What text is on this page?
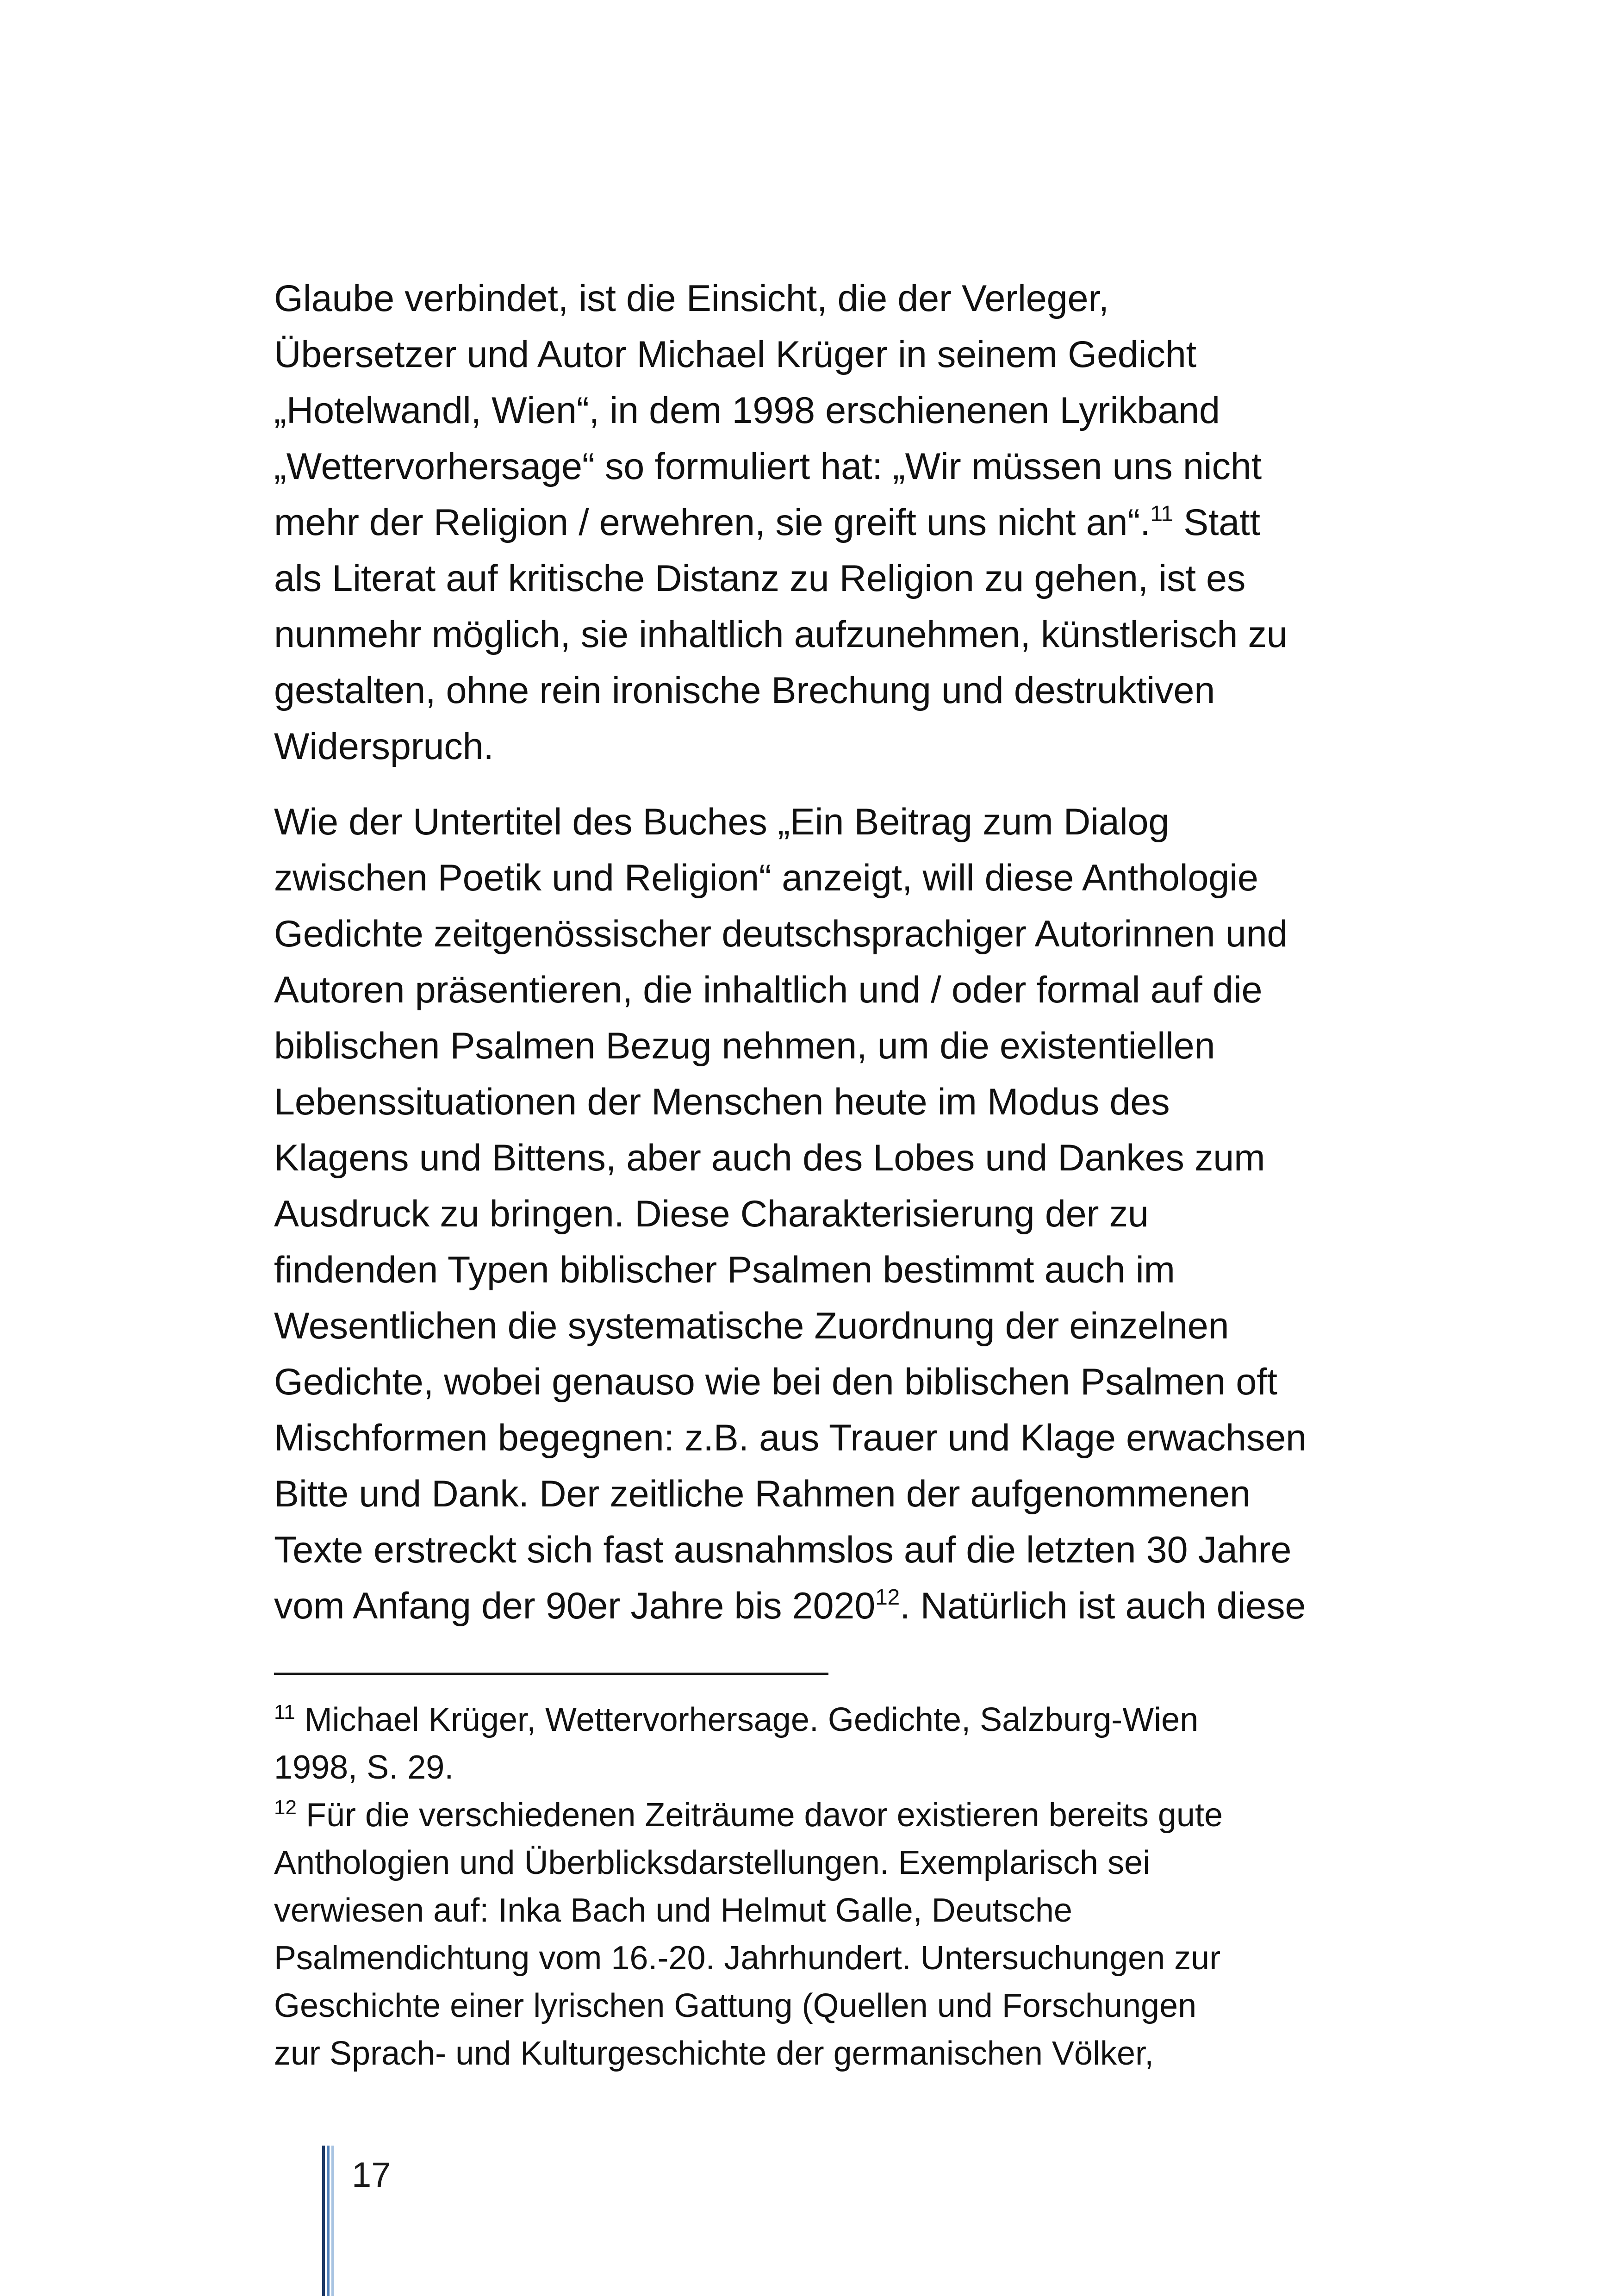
Glaube verbindet, ist die Einsicht, die der Verleger,
Übersetzer und Autor Michael Krüger in seinem Gedicht
„Hotelwandl, Wien“, in dem 1998 erschienenen Lyrikband
„Wettervorhersage“ so formuliert hat: „Wir müssen uns nicht
mehr der Religion / erwehren, sie greift uns nicht an“.$^{11}$ Statt
als Literat auf kritische Distanz zu Religion zu gehen, ist es
nunmehr möglich, sie inhaltlich aufzunehmen, künstlerisch zu
gestalten, ohne rein ironische Brechung und destruktiven
Widerspruch.

Wie der Untertitel des Buches „Ein Beitrag zum Dialog
zwischen Poetik und Religion“ anzeigt, will diese Anthologie
Gedichte zeitgenössischer deutschsprachiger Autorinnen und
Autoren präsentieren, die inhaltlich und / oder formal auf die
biblischen Psalmen Bezug nehmen, um die existentiellen
Lebenssituationen der Menschen heute im Modus des
Klagens und Bittens, aber auch des Lobes und Dankes zum
Ausdruck zu bringen. Diese Charakterisierung der zu
findenden Typen biblischer Psalmen bestimmt auch im
Wesentlichen die systematische Zuordnung der einzelnen
Gedichte, wobei genauso wie bei den biblischen Psalmen oft
Mischformen begegnen: z.B. aus Trauer und Klage erwachsen
Bitte und Dank. Der zeitliche Rahmen der aufgenommenen
Texte erstreckt sich fast ausnahmslos auf die letzten 30 Jahre
vom Anfang der 90er Jahre bis 2020$^{12}$. Natürlich ist auch diese

$^{11}$ Michael Krüger, Wettervorhersage. Gedichte, Salzburg-Wien
1998, S. 29.
$^{12}$ Für die verschiedenen Zeiträume davor existieren bereits gute
Anthologien und Überblicksdarstellungen. Exemplarisch sei
verwiesen auf: Inka Bach und Helmut Galle, Deutsche
Psalmendichtung vom 16.-20. Jahrhundert. Untersuchungen zur
Geschichte einer lyrischen Gattung (Quellen und Forschungen
zur Sprach- und Kulturgeschichte der germanischen Völker,
17
